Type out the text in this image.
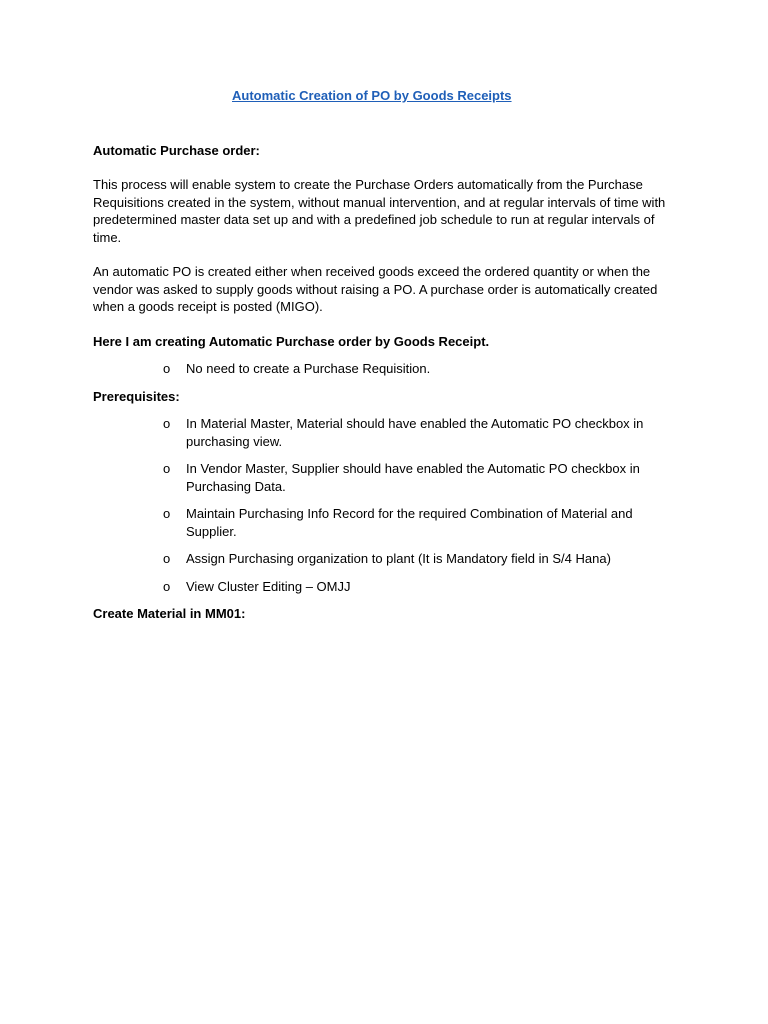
Automatic Creation of PO by Goods Receipts

Automatic Purchase order:

This process will enable system to create the Purchase Orders automatically from the Purchase Requisitions created in the system, without manual intervention, and at regular intervals of time with predetermined master data set up and with a predefined job schedule to run at regular intervals of time.

An automatic PO is created either when received goods exceed the ordered quantity or when the vendor was asked to supply goods without raising a PO. A purchase order is automatically created when a goods receipt is posted (MIGO).

Here I am creating Automatic Purchase order by Goods Receipt.

o No need to create a Purchase Requisition.

Prerequisites:

o In Material Master, Material should have enabled the Automatic PO checkbox in purchasing view.
o In Vendor Master, Supplier should have enabled the Automatic PO checkbox in Purchasing Data.
o Maintain Purchasing Info Record for the required Combination of Material and Supplier.
o Assign Purchasing organization to plant (It is Mandatory field in S/4 Hana)
o View Cluster Editing – OMJJ

Create Material in MM01:
